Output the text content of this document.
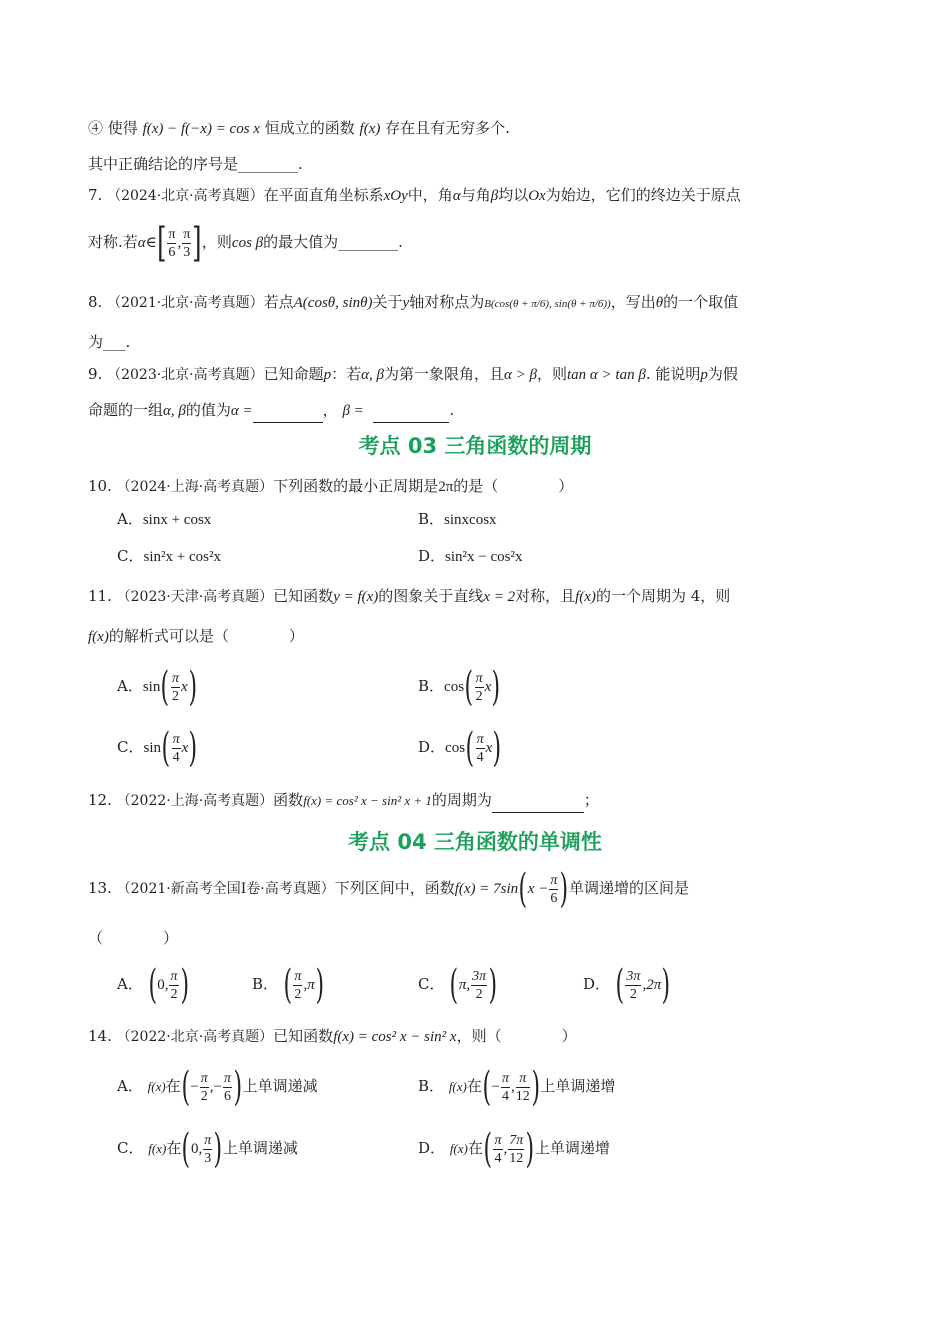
④ 使得 f(x) − f(−x) = cos x 恒成立的函数 f(x) 存在且有无穷多个.
其中正确结论的序号是________.
7. （2024·北京·高考真题）在平面直角坐标系xOy中，角α与角β均以Ox为始边，它们的终边关于原点
对称.若α∈[ $\frac{\pi}{6}$ , $\frac{\pi}{3}$ ]，则cos β的最大值为________.
8. （2021·北京·高考真题）若点A(cosθ, sinθ)关于y轴对称点为B(cos(θ + π/6), sin(θ + π/6))，写出θ的一个取值
为___.
9. （2023·北京·高考真题）已知命题p：若α, β为第一象限角，且α > β，则tan α > tan β. 能说明p为假
命题的一组α, β的值为α =	， β =	.
考点 03 三角函数的周期
10. （2024·上海·高考真题）下列函数的最小正周期是2π的是（　　　　）
A．sinx + cosx	B．sinxcosx
C．sin²x + cos²x	D．sin²x − cos²x
11. （2023·天津·高考真题）已知函数y = f(x)的图象关于直线x = 2对称，且f(x)的一个周期为 4，则
f(x)的解析式可以是（　　　　）
A．$\sin( \frac{\pi}{2} x)$	B．$\cos( \frac{\pi}{2} x)$
C．$\sin( \frac{\pi}{4} x)$	D．$\cos( \frac{\pi}{4} x)$
12. （2022·上海·高考真题）函数f(x) = cos² x − sin² x + 1的周期为	；
考点 04 三角函数的单调性
13. （2021·新高考全国Ⅰ卷·高考真题）下列区间中，函数$f(x) = 7\sin(x - \frac{\pi}{6}$ )单调递增的区间是
（　　　　）
A． (0, $\frac{\pi}{2}$ )	B． ( $\frac{\pi}{2} ,\pi$)	C． (π, $\frac{3\pi}{2}$ )	D． ( $\frac{3\pi}{2} ,2\pi$)
14. （2022·北京·高考真题）已知函数f(x) = cos² x − sin² x，则（　　　　）
A． f(x)在(− $\frac{\pi}{2}$ ,− $\frac{\pi}{6}$ )上单调递减	B． f(x)在(− $\frac{\pi}{4}$ , $\frac{\pi}{12}$ )上单调递增
C． f(x)在(0, $\frac{\pi}{3}$ )上单调递减	D． f(x)在( $\frac{\pi}{4}$ , $\frac{7\pi}{12}$ )上单调递增
